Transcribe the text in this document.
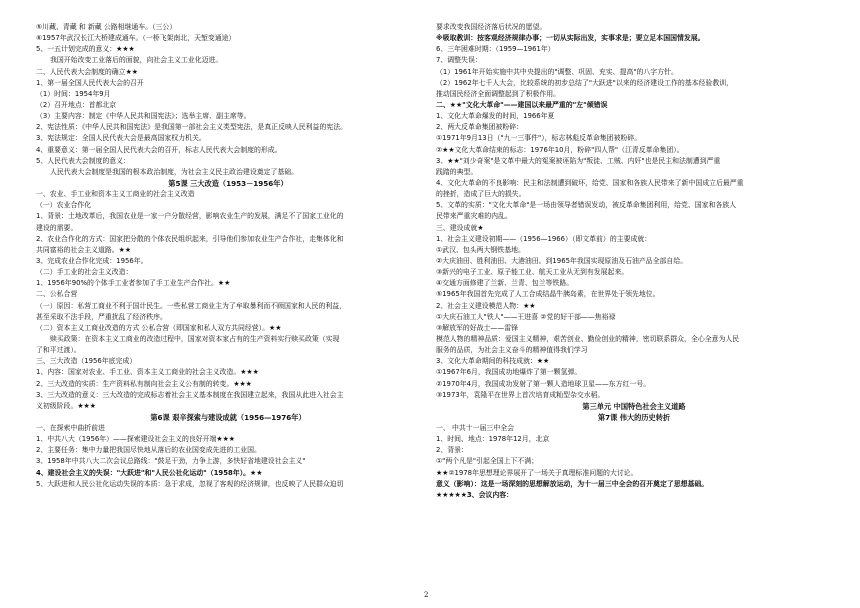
⑤川藏、青藏 和 新藏 公路相继通车。（三公）
⑥1957年武汉长江大桥建成通车。（一桥飞架南北，天堑变通途）
5、一五计划完成的意义：★★★
我国开始改变工业落后的面貌，向社会主义工业化迈进。
二、人民代表大会制度的确立★★
1、第一届全国人民代表大会的召开
（1）时间：1954年9月
（2）召开地点：首都北京
（3）主要内容：制定《中华人民共和国宪法》；选举主席、副主席等。
2、宪法性质：《中华人民共和国宪法》是我国第一部社会主义类型宪法，是真正反映人民利益的宪法。
3、宪法规定：全国人民代表大会是最高国家权力机关。
4、重要意义：第一届全国人民代表大会的召开，标志人民代表大会制度的形成。
5、人民代表大会制度的意义：
人民代表大会制度是我国的根本政治制度，为社会主义民主政治建设奠定了基础。
第5课 三大改造（1953－1956年）
一、农业、手工业和资本主义工商业的社会主义改造
（一）农业合作化
1、背景：土地改革后，我国农业是一家一户分散经营，影响农业生产的发展，满足不了国家工业化的
建设的需要。
2、农业合作化的方式：国家把分散的个体农民组织起来，引导他们参加农业生产合作社，走集体化和
共同富裕的社会主义道路。★★
3、完成农业合作化完成：1956年。
（二）手工业的社会主义改造：
1、1956年90%的个体手工业者参加了手工业生产合作社。★★
二、公私合营
（一）原因：私营工商业不利于国计民生。一些私营工商业主为了牟取暴利而不顾国家和人民的利益，
甚至采取不法手段，严重扰乱了经济秩序。
（二）资本主义工商业改造的方式 公私合营（即国家和私人双方共同经营）。★★
赎买政策：在资本主义工商业的改造过程中，国家对资本家占有的生产资料实行赎买政策（实现
了和平过渡）。
三、三大改造（1956年底完成）
1、内容：国家对农业、手工业、资本主义工商业的社会主义改造。★★★
2、三大改造的实质：生产资料私有制向社会主义公有制的转变。★★★
3、三大改造的意义：三大改造的完成标志着社会主义基本制度在我国建立起来，我国从此进入社会主
义初级阶段。★★★
第6课 艰辛探索与建设成就（1956—1976年）
一、在探索中曲折前进
1、中共八大（1956年）——探索建设社会主义的良好开端★★★
2、主要任务：集中力量把我国尽快地从落后的农业国变成先进的工业国。
3、1958年中共八大二次会议总路线："鼓足干劲，力争上游，多快好省地建设社会主义"
4、建设社会主义的失误："大跃进"和"人民公社化运动"（1958年）。★★
5、大跃进和人民公社化运动失误的本质：急于求成，忽视了客观的经济规律，也反映了人民群众迫切
要求改变我国经济落后状况的愿望。
※吸取教训：按客观经济规律办事；一切从实际出发，实事求是；要立足本国国情发展。
6、三年困难时期：（1959—1961年）
7、调整失误：
（1）1961年开始实施中共中央提出的"调整、巩固、充实、提高"的八字方针。
（2）1962年七千人大会，比较系统的初步总结了"大跃进"以来的经济建设工作的基本经验教训，
推动国民经济全面调整起到了积极作用。
二、★★"文化大革命"——建国以来最严重的"左"倾错误
1、文化大革命爆发的时间，1966年夏
2、两大反革命集团被粉碎：
①1971年9月13日（"九一三事件"），标志林彪反革命集团被粉碎。
②★★文化大革命结束的标志：1976年10月，粉碎"四人帮"（江青反革命集团）。
3、★★"刘少奇案"是文革中最大的冤案被诬陷为"叛徒、工贼、内奸"也是民主和法制遭到严重
践踏的典型。
4、文化大革命的不良影响：民主和法制遭到破坏，给党、国家和各族人民带来了新中国成立后最严重
的挫折，造成了巨大的损失。
5、文革的实质："文化大革命"是一场由领导者错误发动，被反革命集团利用，给党、国家和各族人
民带来严重灾难的内乱。
三、建设成就★
1、社会主义建设初期——（1956—1966）（即文革前）的主要成就：
①武汉、包头两大钢铁基地。
②大庆油田、胜利油田、大港油田。到1965年我国实现原油及石油产品全部自给。
③新兴的电子工业、原子能工业、航天工业从无到有发展起来。
④交通方面修建了兰新、兰青、包兰等铁路。
⑤1965年我国首先完成了人工合成结晶牛胰岛素，在世界处于领先地位。
2、社会主义建设模范人物：★★
①大庆石油工人"铁人"——王进喜 ②党的好干部——焦裕禄
③解放军的好战士——雷锋
模范人物的精神品质：爱国主义精神，艰苦创业、勤俭创业的精神，密切联系群众，全心全意为人民
服务的品质，为社会主义奋斗的精神值得我们学习
3、文化大革命期间的科技成就：★★
①1967年6月，我国成功地爆炸了第一颗氢弹。
②1970年4月，我国成功发射了第一颗人造地球卫星——东方红一号。
③1973年，袁隆平在世界上首次培育成籼型杂交水稻。
第三单元 中国特色社会主义道路
第7课 伟大的历史转折
一、 中共十一届三中全会
1、时间、地点：1978年12月，北京
2、背景：
①"两个凡是"引起全国上下不满；
★★②1978年思想理论界展开了一场关于真理标准问题的大讨论。
意义（影响）：这是一场深刻的思想解放运动，为十一届三中全会的召开奠定了思想基础。
★★★★★3、会议内容：
2
